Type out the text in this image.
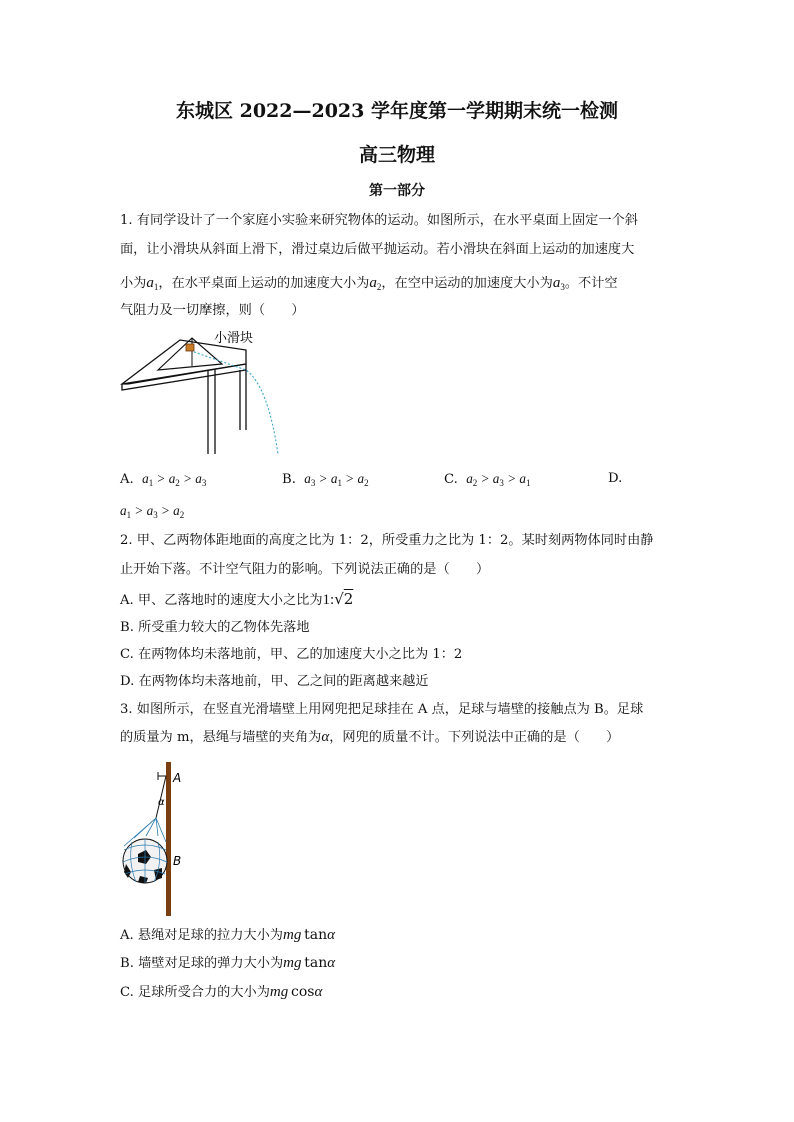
东城区 2022—2023 学年度第一学期期末统一检测
高三物理
第一部分
1. 有同学设计了一个家庭小实验来研究物体的运动。如图所示，在水平桌面上固定一个斜
面，让小滑块从斜面上滑下，滑过桌边后做平抛运动。若小滑块在斜面上运动的加速度大
小为$a_1$，在水平桌面上运动的加速度大小为$a_2$，在空中运动的加速度大小为$a_3$。不计空
气阻力及一切摩擦，则（　　）
小滑块
A. $a_1 > a_2 > a_3$	B. $a_3 > a_1 > a_2$	C. $a_2 > a_3 > a_1$	D.
$a_1 > a_3 > a_2$
2. 甲、乙两物体距地面的高度之比为 1：2，所受重力之比为 1：2。某时刻两物体同时由静
止开始下落。不计空气阻力的影响。下列说法正确的是（　　）
A. 甲、乙落地时的速度大小之比为1:√2
B. 所受重力较大的乙物体先落地
C. 在两物体均未落地前，甲、乙的加速度大小之比为 1：2
D. 在两物体均未落地前，甲、乙之间的距离越来越近
3. 如图所示，在竖直光滑墙壁上用网兜把足球挂在 A 点，足球与墙壁的接触点为 B。足球
的质量为 m，悬绳与墙壁的夹角为α，网兜的质量不计。下列说法中正确的是（　　）
A
B
α
A. 悬绳对足球的拉力大小为mg tanα
B. 墙壁对足球的弹力大小为mg tanα
C. 足球所受合力的大小为mg cosα
